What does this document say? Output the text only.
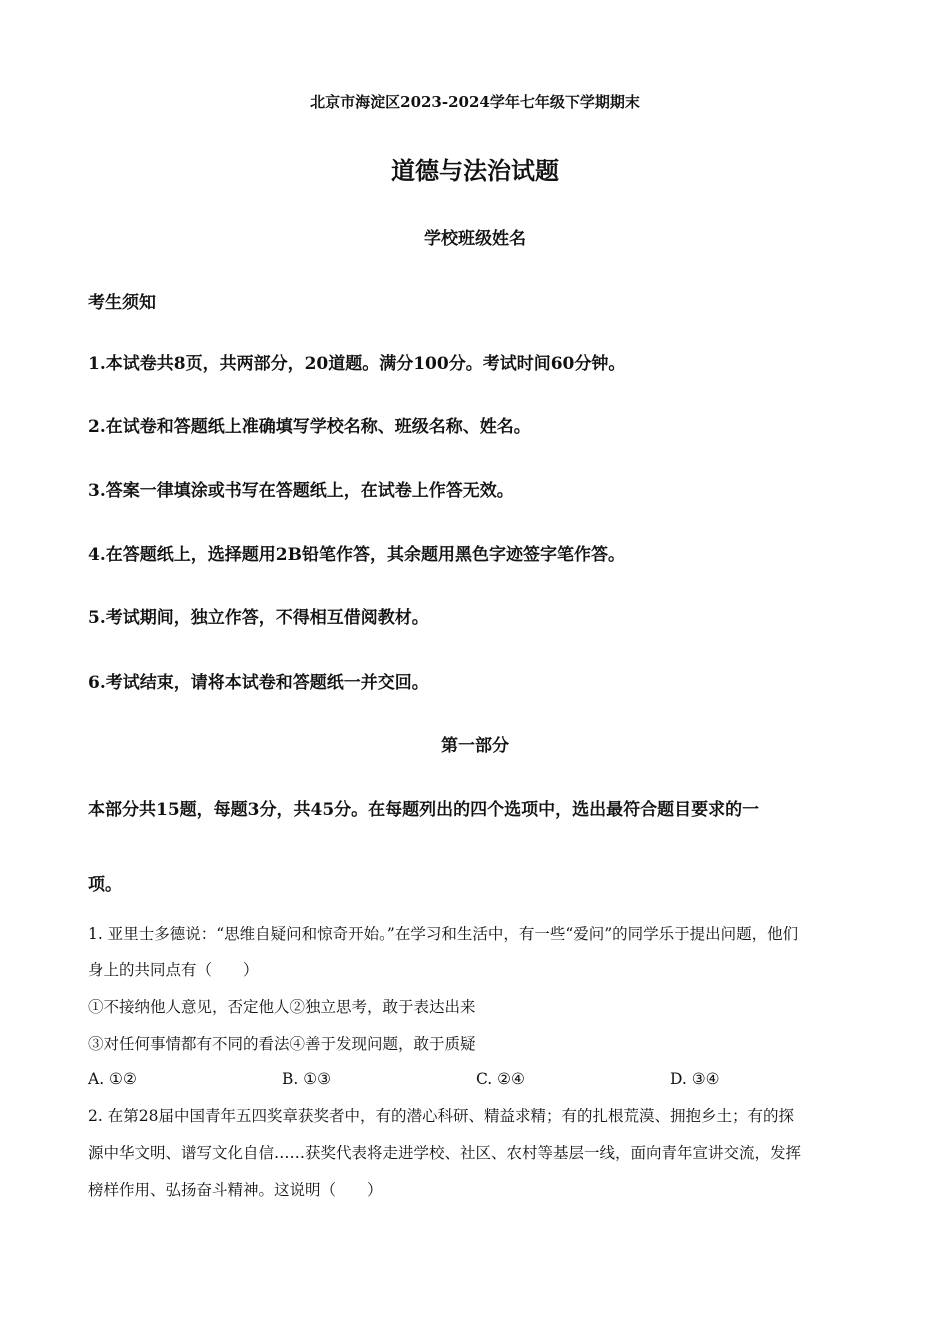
北京市海淀区2023-2024学年七年级下学期期末
道德与法治试题
学校班级姓名
考生须知
1.本试卷共8页，共两部分，20道题。满分100分。考试时间60分钟。
2.在试卷和答题纸上准确填写学校名称、班级名称、姓名。
3.答案一律填涂或书写在答题纸上，在试卷上作答无效。
4.在答题纸上，选择题用2B铅笔作答，其余题用黑色字迹签字笔作答。
5.考试期间，独立作答，不得相互借阅教材。
6.考试结束，请将本试卷和答题纸一并交回。
第一部分
本部分共15题，每题3分，共45分。在每题列出的四个选项中，选出最符合题目要求的一
项。
1. 亚里士多德说：“思维自疑问和惊奇开始。”在学习和生活中，有一些“爱问”的同学乐于提出问题，他们
身上的共同点有（　　）
①不接纳他人意见，否定他人②独立思考，敢于表达出来
③对任何事情都有不同的看法④善于发现问题，敢于质疑
A. ①②	B. ①③	C. ②④	D. ③④
2. 在第28届中国青年五四奖章获奖者中，有的潜心科研、精益求精；有的扎根荒漠、拥抱乡土；有的探
源中华文明、谱写文化自信……获奖代表将走进学校、社区、农村等基层一线，面向青年宣讲交流，发挥
榜样作用、弘扬奋斗精神。这说明（　　）
